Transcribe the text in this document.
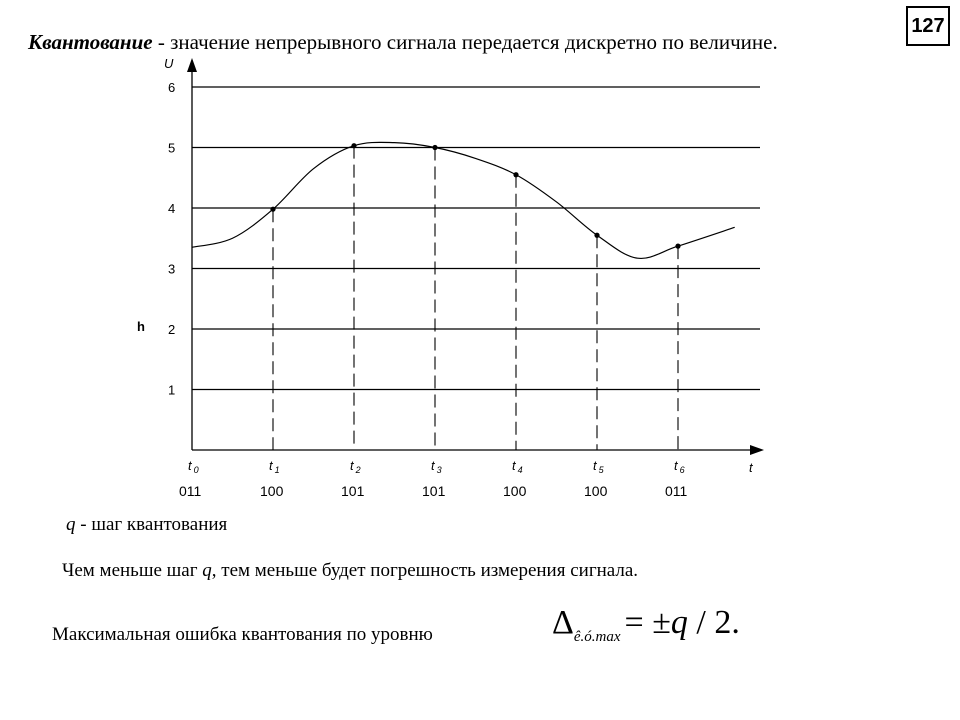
127
Квантование - значение непрерывного сигнала передается дискретно по величине.
1
2
3
4
5
6
U
t
t $_0$	t $_1$	t $_2$	t $_3$	t $_4$	t $_5$	t $_6$
011	100	101	101	100	100	011
h
q - шаг квантования
Чем меньше шаг q, тем меньше будет погрешность измерения сигнала.
Максимальная ошибка квантования по уровню	Δê.ó.max = ±q / 2.
